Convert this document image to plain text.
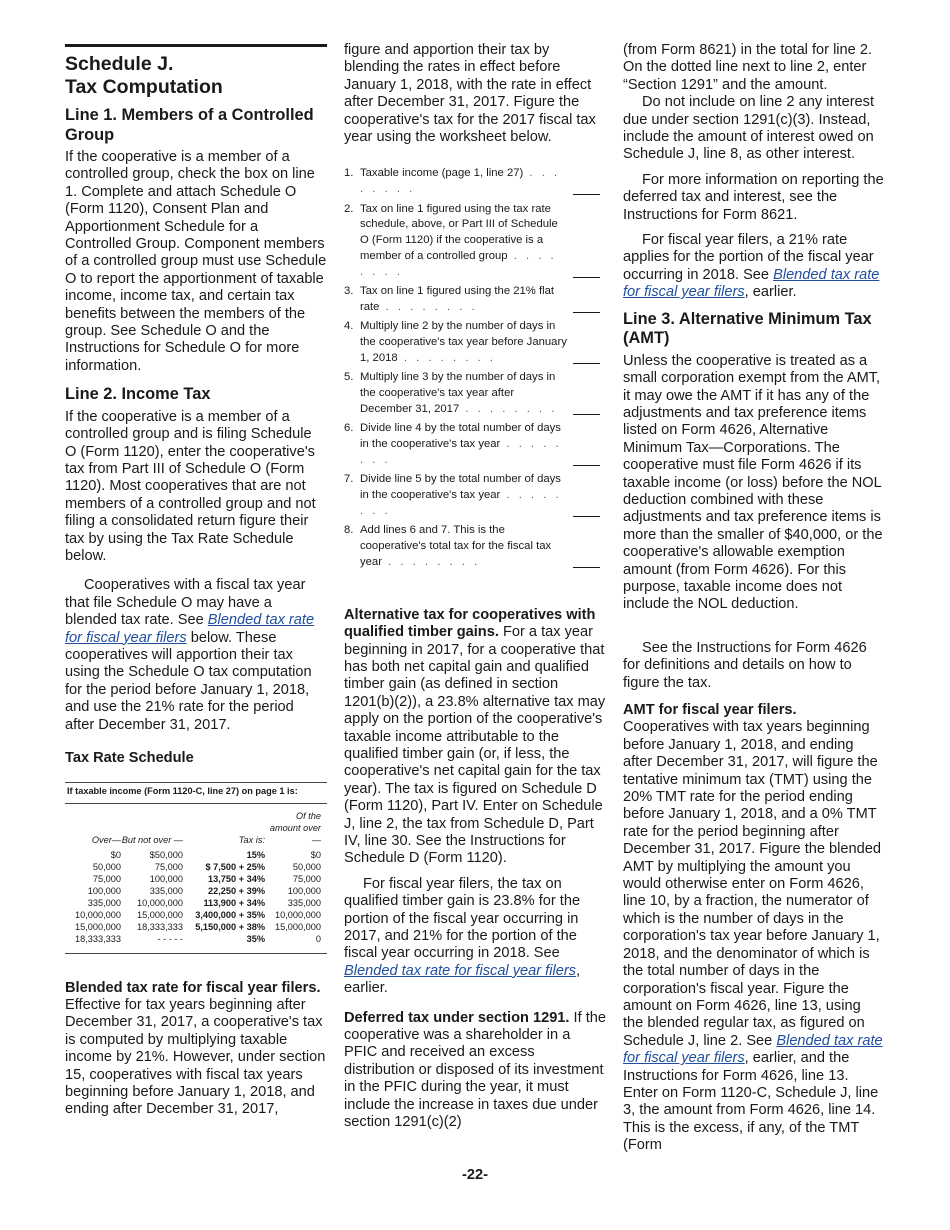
Schedule J.
Tax Computation
Line 1. Members of a Controlled Group

If the cooperative is a member of a controlled group, check the box on line 1. Complete and attach Schedule O (Form 1120), Consent Plan and Apportionment Schedule for a Controlled Group. Component members of a controlled group must use Schedule O to report the apportionment of taxable income, income tax, and certain tax benefits between the members of the group. See Schedule O and the Instructions for Schedule O for more information.

Line 2. Income Tax

If the cooperative is a member of a controlled group and is filing Schedule O (Form 1120), enter the cooperative's tax from Part III of Schedule O (Form 1120). Most cooperatives that are not members of a controlled group and not filing a consolidated return figure their tax by using the Tax Rate Schedule below.

Cooperatives with a fiscal tax year that file Schedule O may have a blended tax rate. See Blended tax rate for fiscal year filers below. These cooperatives will apportion their tax using the Schedule O tax computation for the period before January 1, 2018, and use the 21% rate for the period after December 31, 2017.

Tax Rate Schedule
If taxable income (Form 1120-C, line 27) on page 1 is:
Over— But not over —	Tax is:
Of the amount over—
$0	$50,000	15%	$0
50,000	75,000	$ 7,500 + 25%	50,000
75,000	100,000	13,750 + 34%	75,000
100,000	335,000	22,250 + 39%	100,000
335,000	10,000,000	113,900 + 34%	335,000
10,000,000	15,000,000	3,400,000 + 35%	10,000,000
15,000,000	18,333,333	5,150,000 + 38%	15,000,000
18,333,333	- - - - -	35%	0

Blended tax rate for fiscal year filers. Effective for tax years beginning after December 31, 2017, a cooperative's tax is computed by multiplying taxable income by 21%. However, under section 15, cooperatives with fiscal tax years beginning before January 1, 2018, and ending after December 31, 2017,

figure and apportion their tax by blending the rates in effect before January 1, 2018, with the rate in effect after December 31, 2017. Figure the cooperative's tax for the 2017 fiscal tax year using the worksheet below.

1. Taxable income (page 1, line 27) . . . . . . . .
2. Tax on line 1 figured using the tax rate schedule, above, or Part III of Schedule O (Form 1120) if the cooperative is a member of a controlled group . . . . . . . .
3. Tax on line 1 figured using the 21% flat rate . . . . . . . .
4. Multiply line 2 by the number of days in the cooperative's tax year before January 1, 2018 . . . . . . . .
5. Multiply line 3 by the number of days in the cooperative's tax year after December 31, 2017 . . . . . . . .
6. Divide line 4 by the total number of days in the cooperative's tax year . . . . . . . .
7. Divide line 5 by the total number of days in the cooperative's tax year . . . . . . . .
8. Add lines 6 and 7. This is the cooperative's total tax for the fiscal tax year . . . . . . . .

Alternative tax for cooperatives with qualified timber gains. For a tax year beginning in 2017, for a cooperative that has both net capital gain and qualified timber gain (as defined in section 1201(b)(2)), a 23.8% alternative tax may apply on the portion of the cooperative's taxable income attributable to the qualified timber gain (or, if less, the cooperative's net capital gain for the tax year). The tax is figured on Schedule D (Form 1120), Part IV. Enter on Schedule J, line 2, the tax from Schedule D, Part IV, line 30. See the Instructions for Schedule D (Form 1120).

For fiscal year filers, the tax on qualified timber gain is 23.8% for the portion of the fiscal year occurring in 2017, and 21% for the portion of the fiscal year occurring in 2018. See Blended tax rate for fiscal year filers, earlier.

Deferred tax under section 1291. If the cooperative was a shareholder in a PFIC and received an excess distribution or disposed of its investment in the PFIC during the year, it must include the increase in taxes due under section 1291(c)(2)

(from Form 8621) in the total for line 2. On the dotted line next to line 2, enter “Section 1291” and the amount.

Do not include on line 2 any interest due under section 1291(c)(3). Instead, include the amount of interest owed on Schedule J, line 8, as other interest.

For more information on reporting the deferred tax and interest, see the Instructions for Form 8621.

For fiscal year filers, a 21% rate applies for the portion of the fiscal year occurring in 2018. See Blended tax rate for fiscal year filers, earlier.

Line 3. Alternative Minimum Tax (AMT)

Unless the cooperative is treated as a small corporation exempt from the AMT, it may owe the AMT if it has any of the adjustments and tax preference items listed on Form 4626, Alternative Minimum Tax—Corporations. The cooperative must file Form 4626 if its taxable income (or loss) before the NOL deduction combined with these adjustments and tax preference items is more than the smaller of $40,000, or the cooperative's allowable exemption amount (from Form 4626). For this purpose, taxable income does not include the NOL deduction.

See the Instructions for Form 4626 for definitions and details on how to figure the tax.

AMT for fiscal year filers.

Cooperatives with tax years beginning before January 1, 2018, and ending after December 31, 2017, will figure the tentative minimum tax (TMT) using the 20% TMT rate for the period ending before January 1, 2018, and a 0% TMT rate for the period beginning after December 31, 2017. Figure the blended AMT by multiplying the amount you would otherwise enter on Form 4626, line 10, by a fraction, the numerator of which is the number of days in the corporation's tax year before January 1, 2018, and the denominator of which is the total number of days in the corporation's fiscal year. Figure the amount on Form 4626, line 13, using the blended regular tax, as figured on Schedule J, line 2. See Blended tax rate for fiscal year filers, earlier, and the Instructions for Form 4626, line 13. Enter on Form 1120-C, Schedule J, line 3, the amount from Form 4626, line 14. This is the excess, if any, of the TMT (Form

-22-
